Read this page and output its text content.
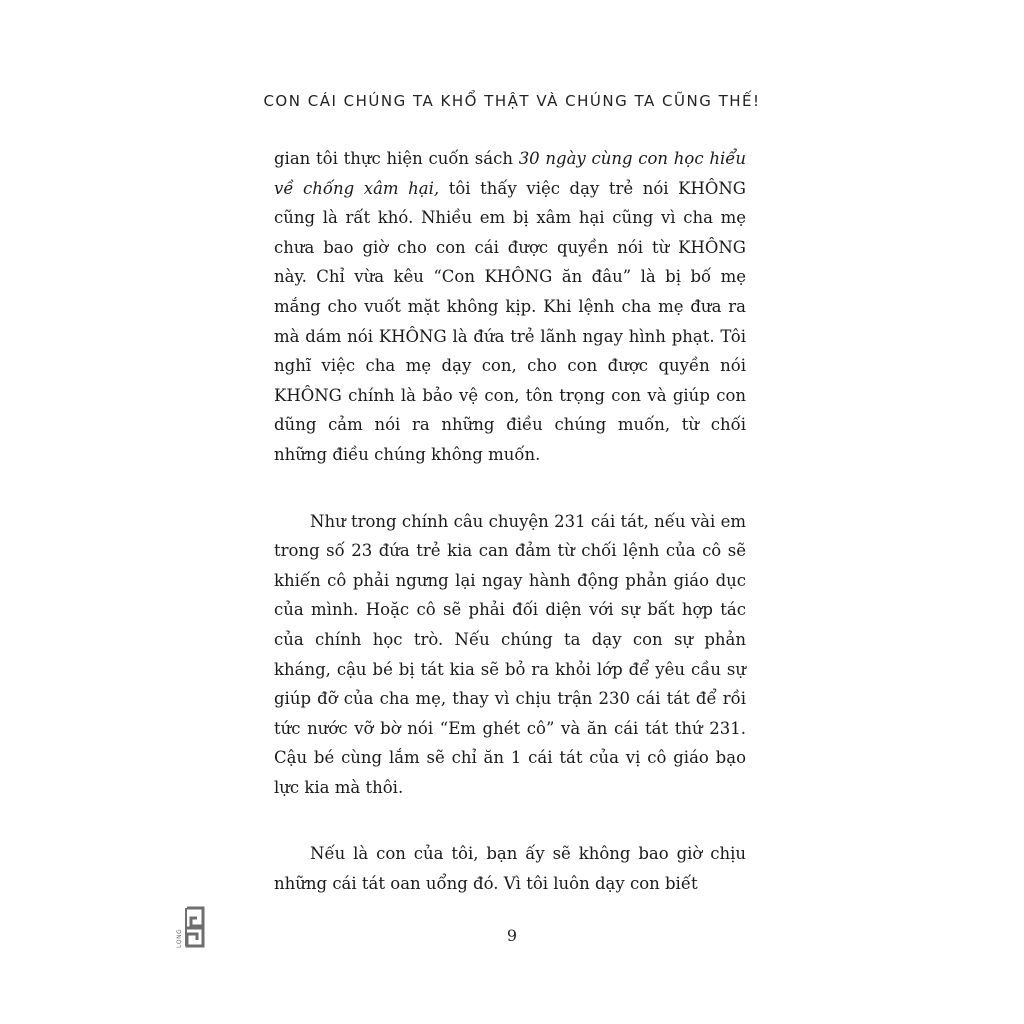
CON CÁI CHÚNG TA KHỔ THẬT VÀ CHÚNG TA CŨNG THẾ!

gian tôi thực hiện cuốn sách 30 ngày cùng con học hiểu về chống xâm hại, tôi thấy việc dạy trẻ nói KHÔNG cũng là rất khó. Nhiều em bị xâm hại cũng vì cha mẹ chưa bao giờ cho con cái được quyền nói từ KHÔNG này. Chỉ vừa kêu “Con KHÔNG ăn đâu” là bị bố mẹ mắng cho vuốt mặt không kịp. Khi lệnh cha mẹ đưa ra mà dám nói KHÔNG là đứa trẻ lãnh ngay hình phạt. Tôi nghĩ việc cha mẹ dạy con, cho con được quyền nói KHÔNG chính là bảo vệ con, tôn trọng con và giúp con dũng cảm nói ra những điều chúng muốn, từ chối những điều chúng không muốn.

Như trong chính câu chuyện 231 cái tát, nếu vài em trong số 23 đứa trẻ kia can đảm từ chối lệnh của cô sẽ khiến cô phải ngưng lại ngay hành động phản giáo dục của mình. Hoặc cô sẽ phải đối diện với sự bất hợp tác của chính học trò. Nếu chúng ta dạy con sự phản kháng, cậu bé bị tát kia sẽ bỏ ra khỏi lớp để yêu cầu sự giúp đỡ của cha mẹ, thay vì chịu trận 230 cái tát để rồi tức nước vỡ bờ nói “Em ghét cô” và ăn cái tát thứ 231. Cậu bé cùng lắm sẽ chỉ ăn 1 cái tát của vị cô giáo bạo lực kia mà thôi.

Nếu là con của tôi, bạn ấy sẽ không bao giờ chịu những cái tát oan uổng đó. Vì tôi luôn dạy con biết

9
LỘNG
